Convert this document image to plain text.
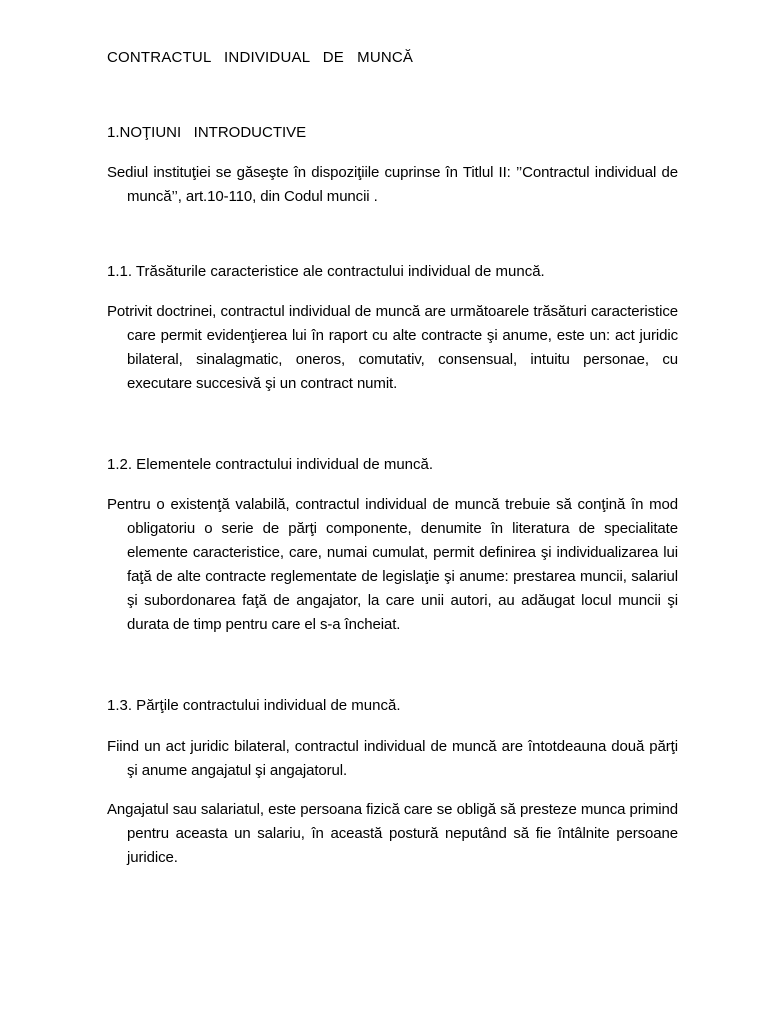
CONTRACTUL   INDIVIDUAL   DE   MUNCĂ
1.NOŢIUNI   INTRODUCTIVE

Sediul instituţiei se găseşte în dispoziţiile cuprinse în Titlul II: ’’Contractul individual de muncă’’, art.10-110, din Codul muncii .

1.1. Trăsăturile caracteristice ale contractului individual de muncă.

Potrivit doctrinei, contractul individual de muncă are următoarele trăsături caracteristice care permit evidenţierea lui în raport cu alte contracte şi anume, este un: act juridic bilateral, sinalagmatic, oneros, comutativ, consensual, intuitu personae, cu executare succesivă şi un contract numit.

1.2. Elementele contractului individual de muncă.

Pentru o existenţă valabilă, contractul individual de muncă trebuie să conţină în mod obligatoriu o serie de părţi componente, denumite în literatura de specialitate elemente caracteristice, care, numai cumulat, permit definirea şi individualizarea lui faţă de alte contracte reglementate de legislaţie şi anume: prestarea muncii, salariul şi subordonarea faţă de angajator, la care unii autori, au adăugat locul muncii şi durata de timp pentru care el s-a încheiat.

1.3. Părţile contractului individual de muncă.

Fiind un act juridic bilateral, contractul individual de muncă are întotdeauna două părţi şi anume angajatul şi angajatorul.

Angajatul sau salariatul, este persoana fizică care se obligă să presteze munca primind pentru aceasta un salariu, în această postură neputând să fie întâlnite persoane juridice.
